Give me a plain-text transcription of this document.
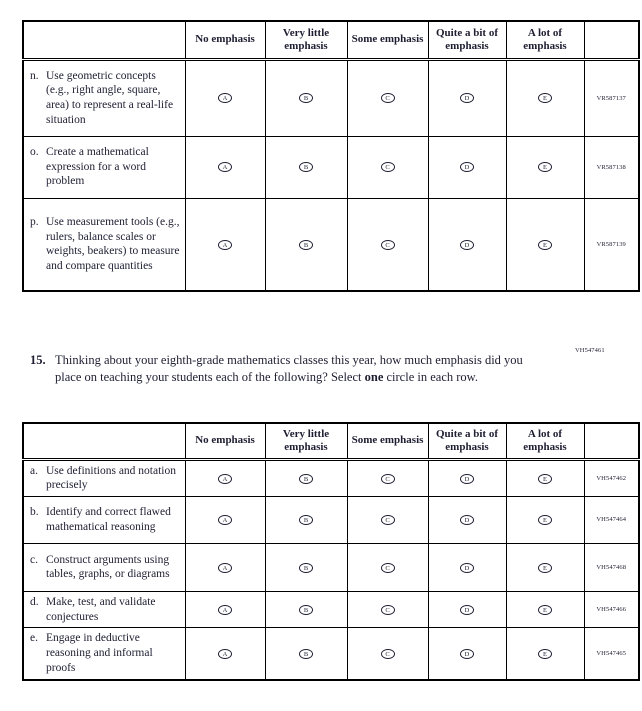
	No emphasis	Very little emphasis	Some emphasis	Quite a bit of emphasis	A lot of emphasis	

n. Use geometric concepts (e.g., right angle, square, area) to represent a real-life situation	A	B	C	D	E	VR587137

o. Create a mathematical expression for a word problem	A	B	C	D	E	VR587138

p. Use measurement tools (e.g., rulers, balance scales or weights, beakers) to measure and compare quantities	A	B	C	D	E	VR587139
15. Thinking about your eighth-grade mathematics classes this year, how much emphasis did you place on teaching your students each of the following? Select one circle in each row.
VH547461
	No emphasis	Very little emphasis	Some emphasis	Quite a bit of emphasis	A lot of emphasis	

a. Use definitions and notation precisely	A	B	C	D	E	VH547462

b. Identify and correct flawed mathematical reasoning	A	B	C	D	E	VH547464

c. Construct arguments using tables, graphs, or diagrams	A	B	C	D	E	VH547468

d. Make, test, and validate conjectures	A	B	C	D	E	VH547466

e. Engage in deductive reasoning and informal proofs	A	B	C	D	E	VH547465
